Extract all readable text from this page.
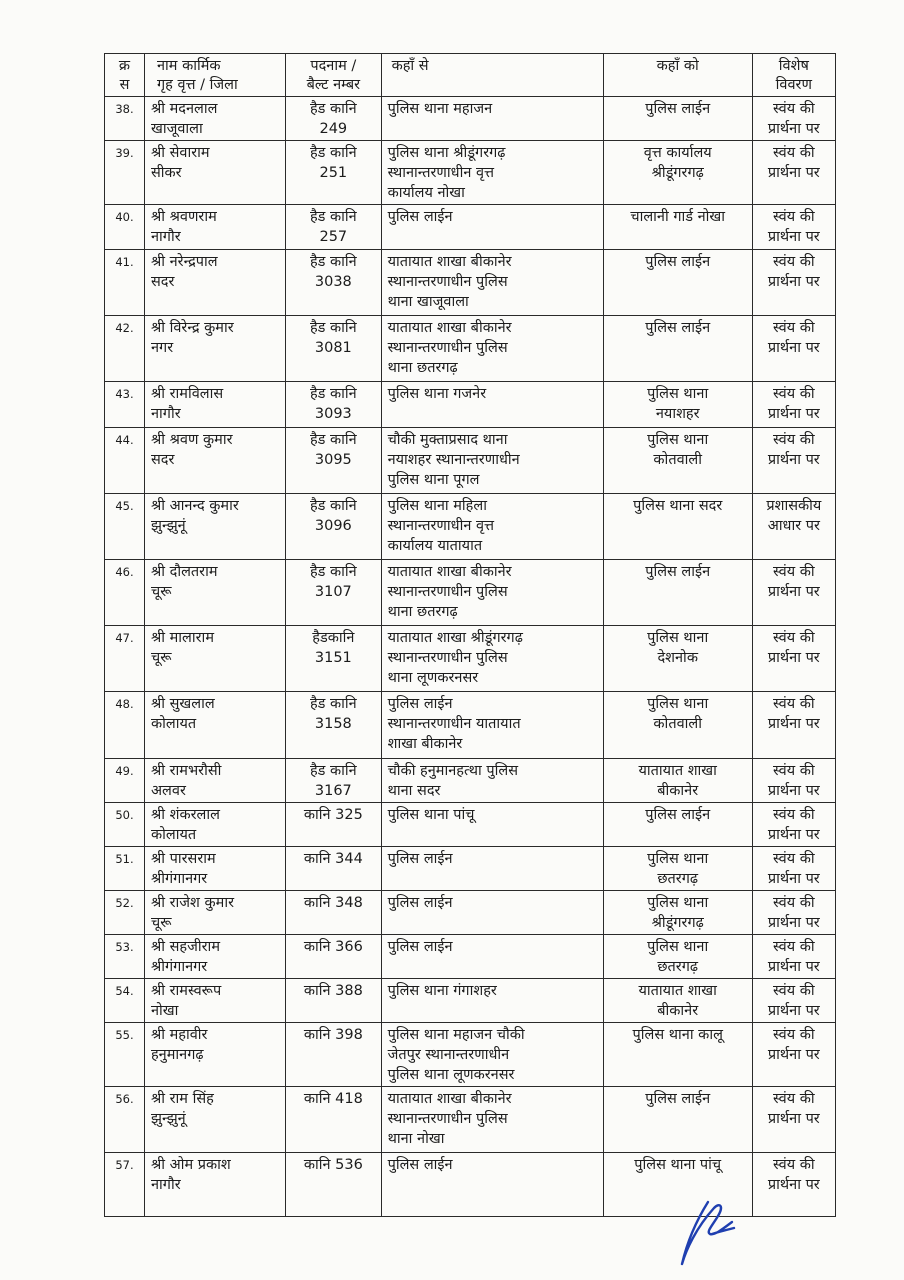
क्र
स	नाम कार्मिक
गृह वृत्त / जिला	पदनाम /
बैल्ट नम्बर	कहाँ से	कहाँ को	विशेष
विवरण

38.	श्री मदनलाल
खाजूवाला	हैड कानि
249	पुलिस थाना महाजन	पुलिस लाईन	स्वंय की
प्रार्थना पर

39.	श्री सेवाराम
सीकर	हैड कानि
251	पुलिस थाना श्रीडूंगरगढ़
स्थानान्तरणाधीन वृत्त
कार्यालय नोखा	वृत्त कार्यालय
श्रीडूंगरगढ़	स्वंय की
प्रार्थना पर

40.	श्री श्रवणराम
नागौर	हैड कानि
257	पुलिस लाईन	चालानी गार्ड नोखा	स्वंय की
प्रार्थना पर

41.	श्री नरेन्द्रपाल
सदर	हैड कानि
3038	यातायात शाखा बीकानेर
स्थानान्तरणाधीन पुलिस
थाना खाजूवाला	पुलिस लाईन	स्वंय की
प्रार्थना पर

42.	श्री विरेन्द्र कुमार
नगर	हैड कानि
3081	यातायात शाखा बीकानेर
स्थानान्तरणाधीन पुलिस
थाना छतरगढ़	पुलिस लाईन	स्वंय की
प्रार्थना पर

43.	श्री रामविलास
नागौर	हैड कानि
3093	पुलिस थाना गजनेर	पुलिस थाना
नयाशहर	स्वंय की
प्रार्थना पर

44.	श्री श्रवण कुमार
सदर	हैड कानि
3095	चौकी मुक्ताप्रसाद थाना
नयाशहर स्थानान्तरणाधीन
पुलिस थाना पूगल	पुलिस थाना
कोतवाली	स्वंय की
प्रार्थना पर

45.	श्री आनन्द कुमार
झुन्झुनूं	हैड कानि
3096	पुलिस थाना महिला
स्थानान्तरणाधीन वृत्त
कार्यालय यातायात	पुलिस थाना सदर	प्रशासकीय
आधार पर

46.	श्री दौलतराम
चूरू	हैड कानि
3107	यातायात शाखा बीकानेर
स्थानान्तरणाधीन पुलिस
थाना छतरगढ़	पुलिस लाईन	स्वंय की
प्रार्थना पर

47.	श्री मालाराम
चूरू	हैडकानि
3151	यातायात शाखा श्रीडूंगरगढ़
स्थानान्तरणाधीन पुलिस
थाना लूणकरनसर	पुलिस थाना
देशनोक	स्वंय की
प्रार्थना पर

48.	श्री सुखलाल
कोलायत	हैड कानि
3158	पुलिस लाईन
स्थानान्तरणाधीन यातायात
शाखा बीकानेर	पुलिस थाना
कोतवाली	स्वंय की
प्रार्थना पर

49.	श्री रामभरौसी
अलवर	हैड कानि
3167	चौकी हनुमानहत्था पुलिस
थाना सदर	यातायात शाखा
बीकानेर	स्वंय की
प्रार्थना पर

50.	श्री शंकरलाल
कोलायत	कानि 325	पुलिस थाना पांचू	पुलिस लाईन	स्वंय की
प्रार्थना पर

51.	श्री पारसराम
श्रीगंगानगर	कानि 344	पुलिस लाईन	पुलिस थाना
छतरगढ़	स्वंय की
प्रार्थना पर

52.	श्री राजेश कुमार
चूरू	कानि 348	पुलिस लाईन	पुलिस थाना
श्रीडूंगरगढ़	स्वंय की
प्रार्थना पर

53.	श्री सहजीराम
श्रीगंगानगर	कानि 366	पुलिस लाईन	पुलिस थाना
छतरगढ़	स्वंय की
प्रार्थना पर

54.	श्री रामस्वरूप
नोखा	कानि 388	पुलिस थाना गंगाशहर	यातायात शाखा
बीकानेर	स्वंय की
प्रार्थना पर

55.	श्री महावीर
हनुमानगढ़	कानि 398	पुलिस थाना महाजन चौकी
जेतपुर स्थानान्तरणाधीन
पुलिस थाना लूणकरनसर	पुलिस थाना कालू	स्वंय की
प्रार्थना पर

56.	श्री राम सिंह
झुन्झुनूं	कानि 418	यातायात शाखा बीकानेर
स्थानान्तरणाधीन पुलिस
थाना नोखा	पुलिस लाईन	स्वंय की
प्रार्थना पर

57.	श्री ओम प्रकाश
नागौर	कानि 536	पुलिस लाईन	पुलिस थाना पांचू	स्वंय की
प्रार्थना पर
